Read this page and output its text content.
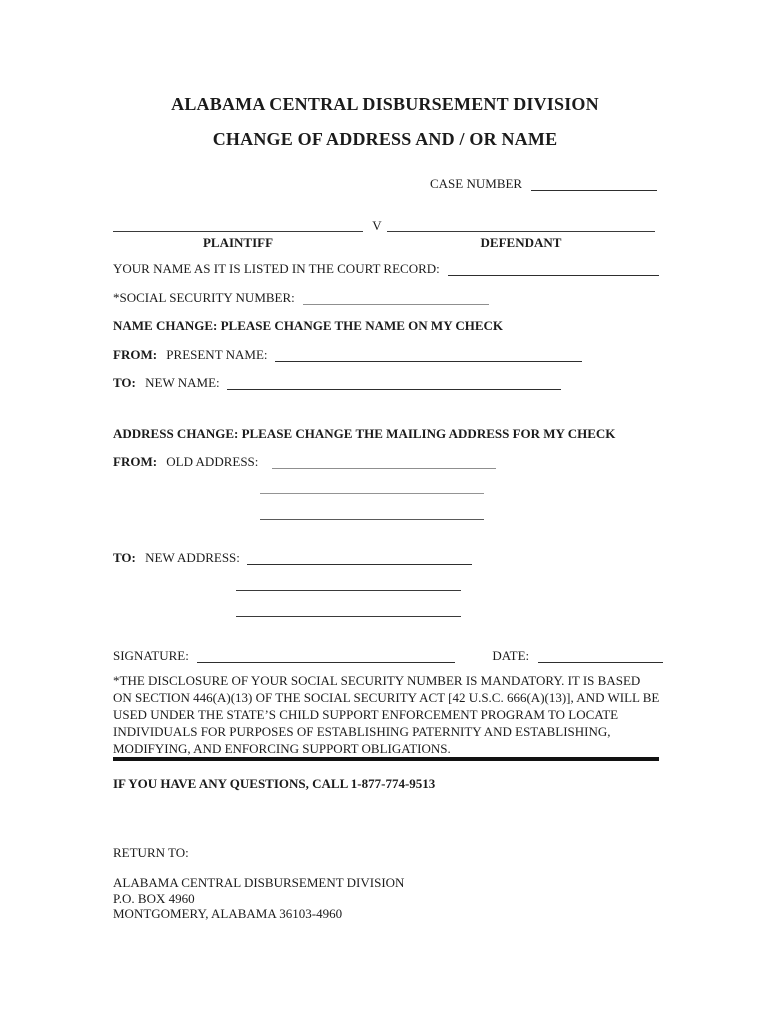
ALABAMA CENTRAL DISBURSEMENT DIVISION
CHANGE OF ADDRESS AND / OR NAME
CASE NUMBER
V
PLAINTIFF	DEFENDANT
YOUR NAME AS IT IS LISTED IN THE COURT RECORD:
*SOCIAL SECURITY NUMBER:
NAME CHANGE: PLEASE CHANGE THE NAME ON MY CHECK
FROM: PRESENT NAME:
TO: NEW NAME:
ADDRESS CHANGE: PLEASE CHANGE THE MAILING ADDRESS FOR MY CHECK
FROM: OLD ADDRESS:
TO: NEW ADDRESS:
SIGNATURE:	DATE:
*THE DISCLOSURE OF YOUR SOCIAL SECURITY NUMBER IS MANDATORY. IT IS BASED ON SECTION 446(A)(13) OF THE SOCIAL SECURITY ACT [42 U.S.C. 666(A)(13)], AND WILL BE USED UNDER THE STATE’S CHILD SUPPORT ENFORCEMENT PROGRAM TO LOCATE INDIVIDUALS FOR PURPOSES OF ESTABLISHING PATERNITY AND ESTABLISHING, MODIFYING, AND ENFORCING SUPPORT OBLIGATIONS.
IF YOU HAVE ANY QUESTIONS, CALL 1-877-774-9513
RETURN TO:
ALABAMA CENTRAL DISBURSEMENT DIVISION
P.O. BOX 4960
MONTGOMERY, ALABAMA 36103-4960
